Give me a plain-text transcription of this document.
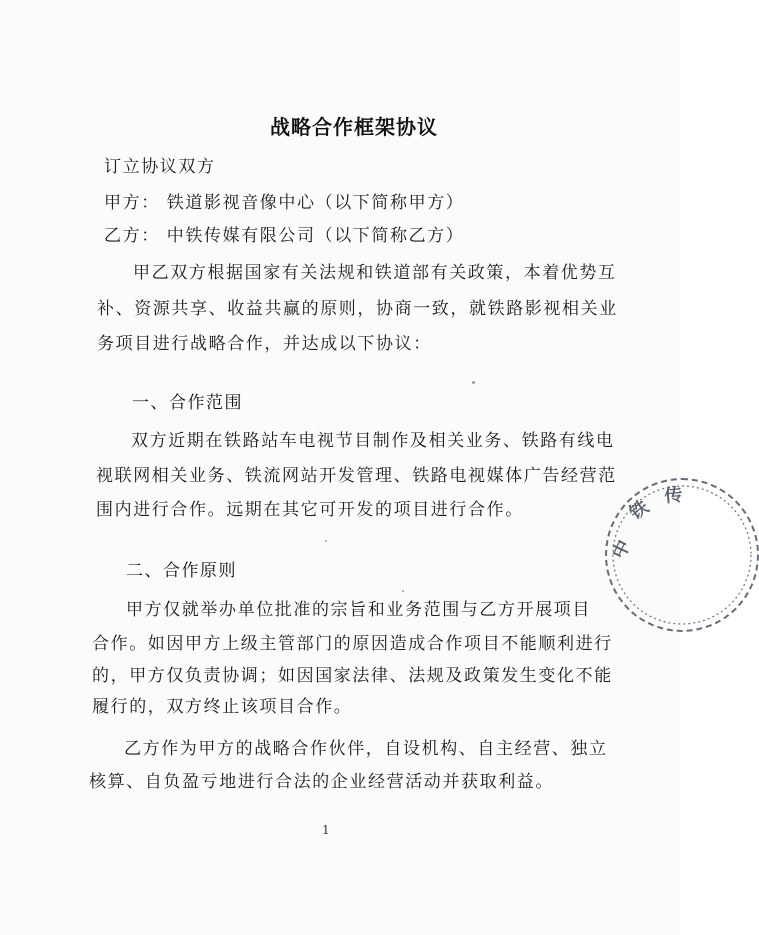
战略合作框架协议
订立协议双方
甲方： 铁道影视音像中心（以下简称甲方）
乙方： 中铁传媒有限公司（以下简称乙方）
甲乙双方根据国家有关法规和铁道部有关政策，本着优势互
补、资源共享、收益共赢的原则，协商一致，就铁路影视相关业
务项目进行战略合作，并达成以下协议：
一、合作范围
双方近期在铁路站车电视节目制作及相关业务、铁路有线电
视联网相关业务、铁流网站开发管理、铁路电视媒体广告经营范
围内进行合作。远期在其它可开发的项目进行合作。
二、合作原则
甲方仅就举办单位批准的宗旨和业务范围与乙方开展项目
合作。如因甲方上级主管部门的原因造成合作项目不能顺利进行
的，甲方仅负责协调；如因国家法律、法规及政策发生变化不能
履行的，双方终止该项目合作。
乙方作为甲方的战略合作伙伴，自设机构、自主经营、独立
核算、自负盈亏地进行合法的企业经营活动并获取利益。
1
中
铁
传
